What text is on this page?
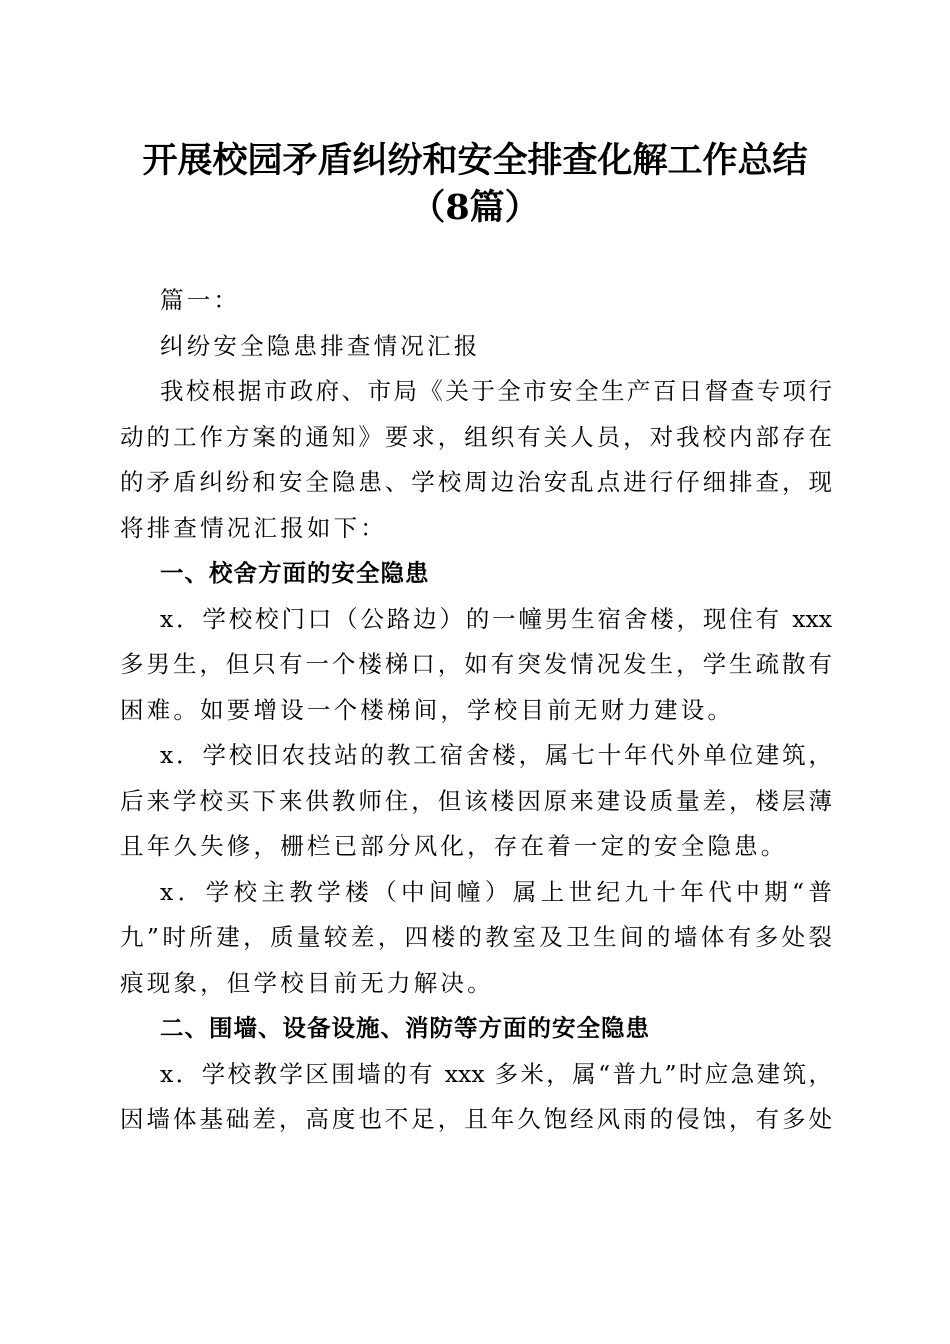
开展校园矛盾纠纷和安全排查化解工作总结
（8篇）
篇一：
纠纷安全隐患排查情况汇报
我校根据市政府、市局《关于全市安全生产百日督查专项行
动的工作方案的通知》要求，组织有关人员，对我校内部存在
的矛盾纠纷和安全隐患、学校周边治安乱点进行仔细排查，现
将排查情况汇报如下：
一、校舍方面的安全隐患
x．学校校门口（公路边）的一幢男生宿舍楼，现住有 xxx
多男生，但只有一个楼梯口，如有突发情况发生，学生疏散有
困难。如要增设一个楼梯间，学校目前无财力建设。
x．学校旧农技站的教工宿舍楼，属七十年代外单位建筑，
后来学校买下来供教师住，但该楼因原来建设质量差，楼层薄
且年久失修，栅栏已部分风化，存在着一定的安全隐患。
x．学校主教学楼（中间幢）属上世纪九十年代中期“普
九”时所建，质量较差，四楼的教室及卫生间的墙体有多处裂
痕现象，但学校目前无力解决。
二、围墙、设备设施、消防等方面的安全隐患
x．学校教学区围墙的有 xxx 多米，属“普九”时应急建筑，
因墙体基础差，高度也不足，且年久饱经风雨的侵蚀，有多处
